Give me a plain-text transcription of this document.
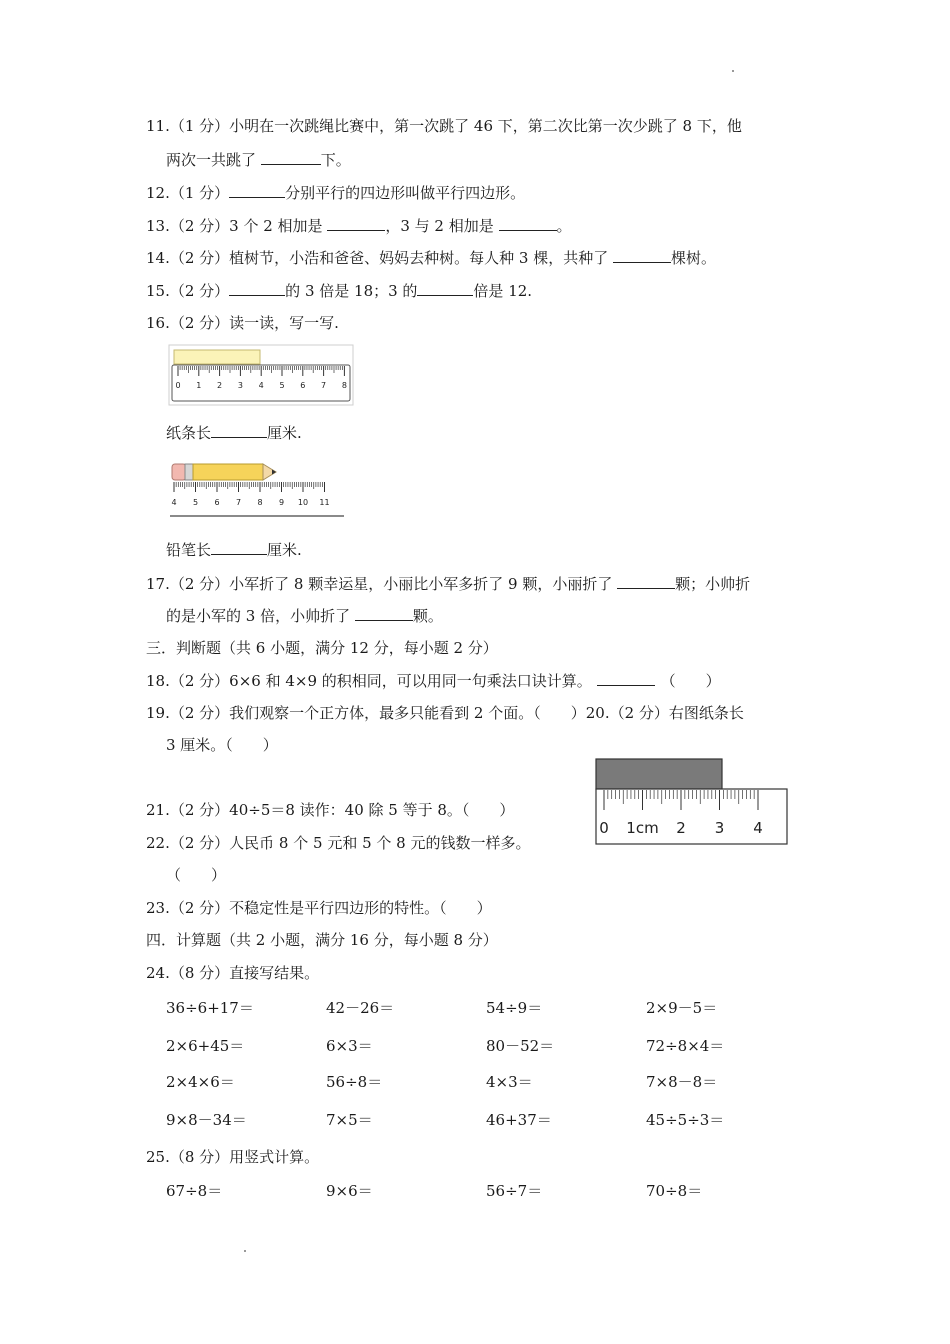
11.（1 分）小明在一次跳绳比赛中，第一次跳了 46 下，第二次比第一次少跳了 8 下，他
两次一共跳了	下。
12.（1 分）	分别平行的四边形叫做平行四边形。
13.（2 分）3 个 2 相加是	，3 与 2 相加是	。
14.（2 分）植树节，小浩和爸爸、妈妈去种树。每人种 3 棵，共种了	棵树。
15.（2 分）	的 3 倍是 18；3 的	倍是 12.
16.（2 分）读一读，写一写.
0 1 2 3 4 5 6 7 8
纸条长	厘米.
4 5 6 7 8 9 10 11
铅笔长	厘米.
17.（2 分）小军折了 8 颗幸运星，小丽比小军多折了 9 颗，小丽折了	颗；小帅折
的是小军的 3 倍，小帅折了	颗。
三．判断题（共 6 小题，满分 12 分，每小题 2 分）
18.（2 分）6×6 和 4×9 的积相同，可以用同一句乘法口诀计算。	（　　）
19.（2 分）我们观察一个正方体，最多只能看到 2 个面。（　　）20.（2 分）右图纸条长
3 厘米。（　　）
0 1cm 2 3 4
21.（2 分）40÷5＝8 读作：40 除 5 等于 8。（　　）
22.（2 分）人民币 8 个 5 元和 5 个 8 元的钱数一样多。
（　　）
23.（2 分）不稳定性是平行四边形的特性。（　　）
四．计算题（共 2 小题，满分 16 分，每小题 8 分）
24.（8 分）直接写结果。
36÷6+17＝	42－26＝	54÷9＝	2×9－5＝
2×6+45＝	6×3＝	80－52＝	72÷8×4＝
2×4×6＝	56÷8＝	4×3＝	7×8－8＝
9×8－34＝	7×5＝	46+37＝	45÷5÷3＝
25.（8 分）用竖式计算。
67÷8＝	9×6＝	56÷7＝	70÷8＝
